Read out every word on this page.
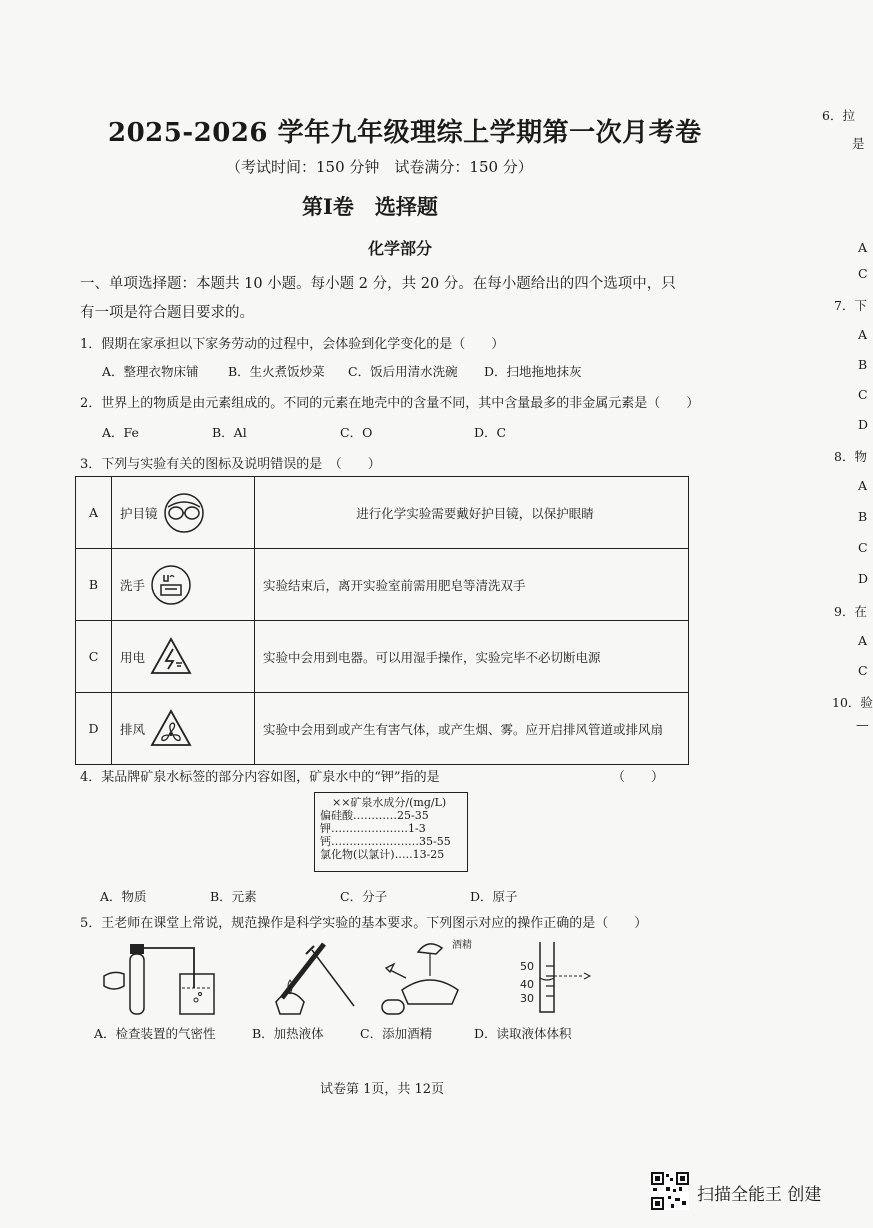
2025-2026 学年九年级理综上学期第一次月考卷
（考试时间：150 分钟　试卷满分：150 分）
第Ⅰ卷　选择题
化学部分
一、单项选择题：本题共 10 小题。每小题 2 分，共 20 分。在每小题给出的四个选项中，只
有一项是符合题目要求的。
1．假期在家承担以下家务劳动的过程中，会体验到化学变化的是（　　）
A．整理衣物床铺 B．生火煮饭炒菜 C．饭后用清水洗碗 D．扫地拖地抹灰
2．世界上的物质是由元素组成的。不同的元素在地壳中的含量不同，其中含量最多的非金属元素是（　　）
A．Fe	B．Al	C．O	D．C
3．下列与实验有关的图标及说明错误的是　（　　）
A	护目镜	进行化学实验需要戴好护目镜，以保护眼睛
B	洗手	实验结束后，离开实验室前需用肥皂等清洗双手
C	用电	实验中会用到电器。可以用湿手操作，实验完毕不必切断电源
D	排风	实验中会用到或产生有害气体，或产生烟、雾。应开启排风管道或排风扇
4．某品牌矿泉水标签的部分内容如图，矿泉水中的“钾”指的是	（　　）
××矿泉水成分/(mg/L)
偏硅酸…………25-35
钾…………………1-3
钙……………………35-55
氯化物(以氯计)…..13-25
A．物质	B．元素	C．分子	D．原子
5．王老师在课堂上常说，规范操作是科学实验的基本要求。下列图示对应的操作正确的是（　　）
酒精
50
40
30
A．检查装置的气密性	B．加热液体	C．添加酒精	D．读取液体体积
试卷第 1页，共 12页
扫描全能王 创建
6．拉
是
A
C
7．下
A
B
C
D
8．物
A
B
C
D
9．在
A
C
10．验
—
